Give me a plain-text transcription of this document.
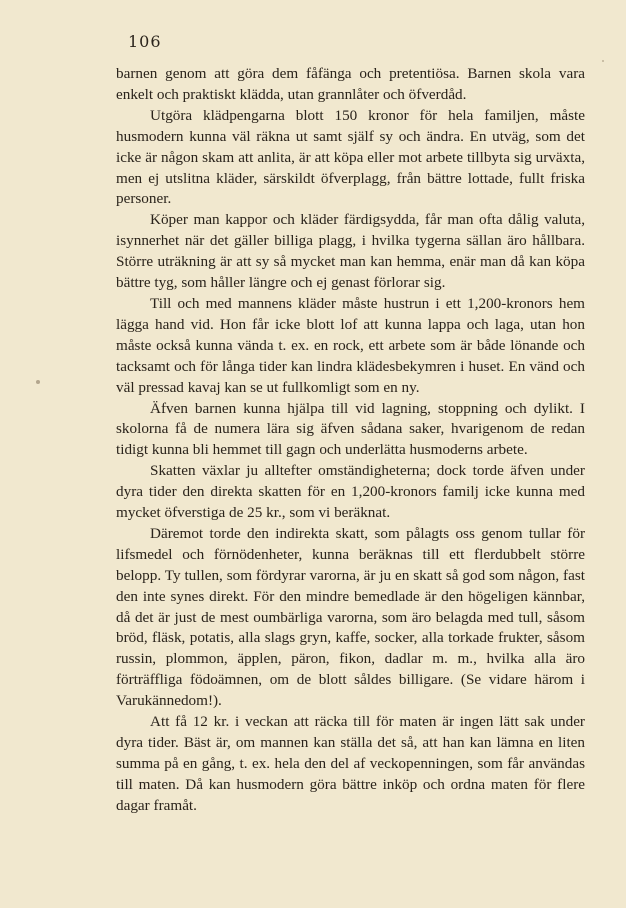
106

barnen genom att göra dem fåfänga och pretentiösa. Barnen skola vara enkelt och praktiskt klädda, utan grannlåter och öfverdåd.

Utgöra klädpengarna blott 150 kronor för hela familjen, måste husmodern kunna väl räkna ut samt själf sy och ändra. En utväg, som det icke är någon skam att anlita, är att köpa eller mot arbete tillbyta sig urväxta, men ej utslitna kläder, särskildt öfverplagg, från bättre lottade, fullt friska personer.

Köper man kappor och kläder färdigsydda, får man ofta dålig valuta, isynnerhet när det gäller billiga plagg, i hvilka tygerna sällan äro hållbara. Större uträkning är att sy så mycket man kan hemma, enär man då kan köpa bättre tyg, som håller längre och ej genast förlorar sig.

Till och med mannens kläder måste hustrun i ett 1,200-kronors hem lägga hand vid. Hon får icke blott lof att kunna lappa och laga, utan hon måste också kunna vända t. ex. en rock, ett arbete som är både lönande och tacksamt och för långa tider kan lindra klädesbekymren i huset. En vänd och väl pressad kavaj kan se ut fullkomligt som en ny.

Äfven barnen kunna hjälpa till vid lagning, stoppning och dylikt. I skolorna få de numera lära sig äfven sådana saker, hvarigenom de redan tidigt kunna bli hemmet till gagn och underlätta husmoderns arbete.

Skatten växlar ju alltefter omständigheterna; dock torde äfven under dyra tider den direkta skatten för en 1,200-kronors familj icke kunna med mycket öfverstiga de 25 kr., som vi beräknat.

Däremot torde den indirekta skatt, som pålagts oss genom tullar för lifsmedel och förnödenheter, kunna beräknas till ett flerdubbelt större belopp. Ty tullen, som fördyrar varorna, är ju en skatt så god som någon, fast den inte synes direkt. För den mindre bemedlade är den högeligen kännbar, då det är just de mest oumbärliga varorna, som äro belagda med tull, såsom bröd, fläsk, potatis, alla slags gryn, kaffe, socker, alla torkade frukter, såsom russin, plommon, äpplen, päron, fikon, dadlar m. m., hvilka alla äro förträffliga födoämnen, om de blott såldes billigare. (Se vidare härom i Varukännedom!).

Att få 12 kr. i veckan att räcka till för maten är ingen lätt sak under dyra tider. Bäst är, om mannen kan ställa det så, att han kan lämna en liten summa på en gång, t. ex. hela den del af veckopenningen, som får användas till maten. Då kan husmodern göra bättre inköp och ordna maten för flere dagar framåt.
